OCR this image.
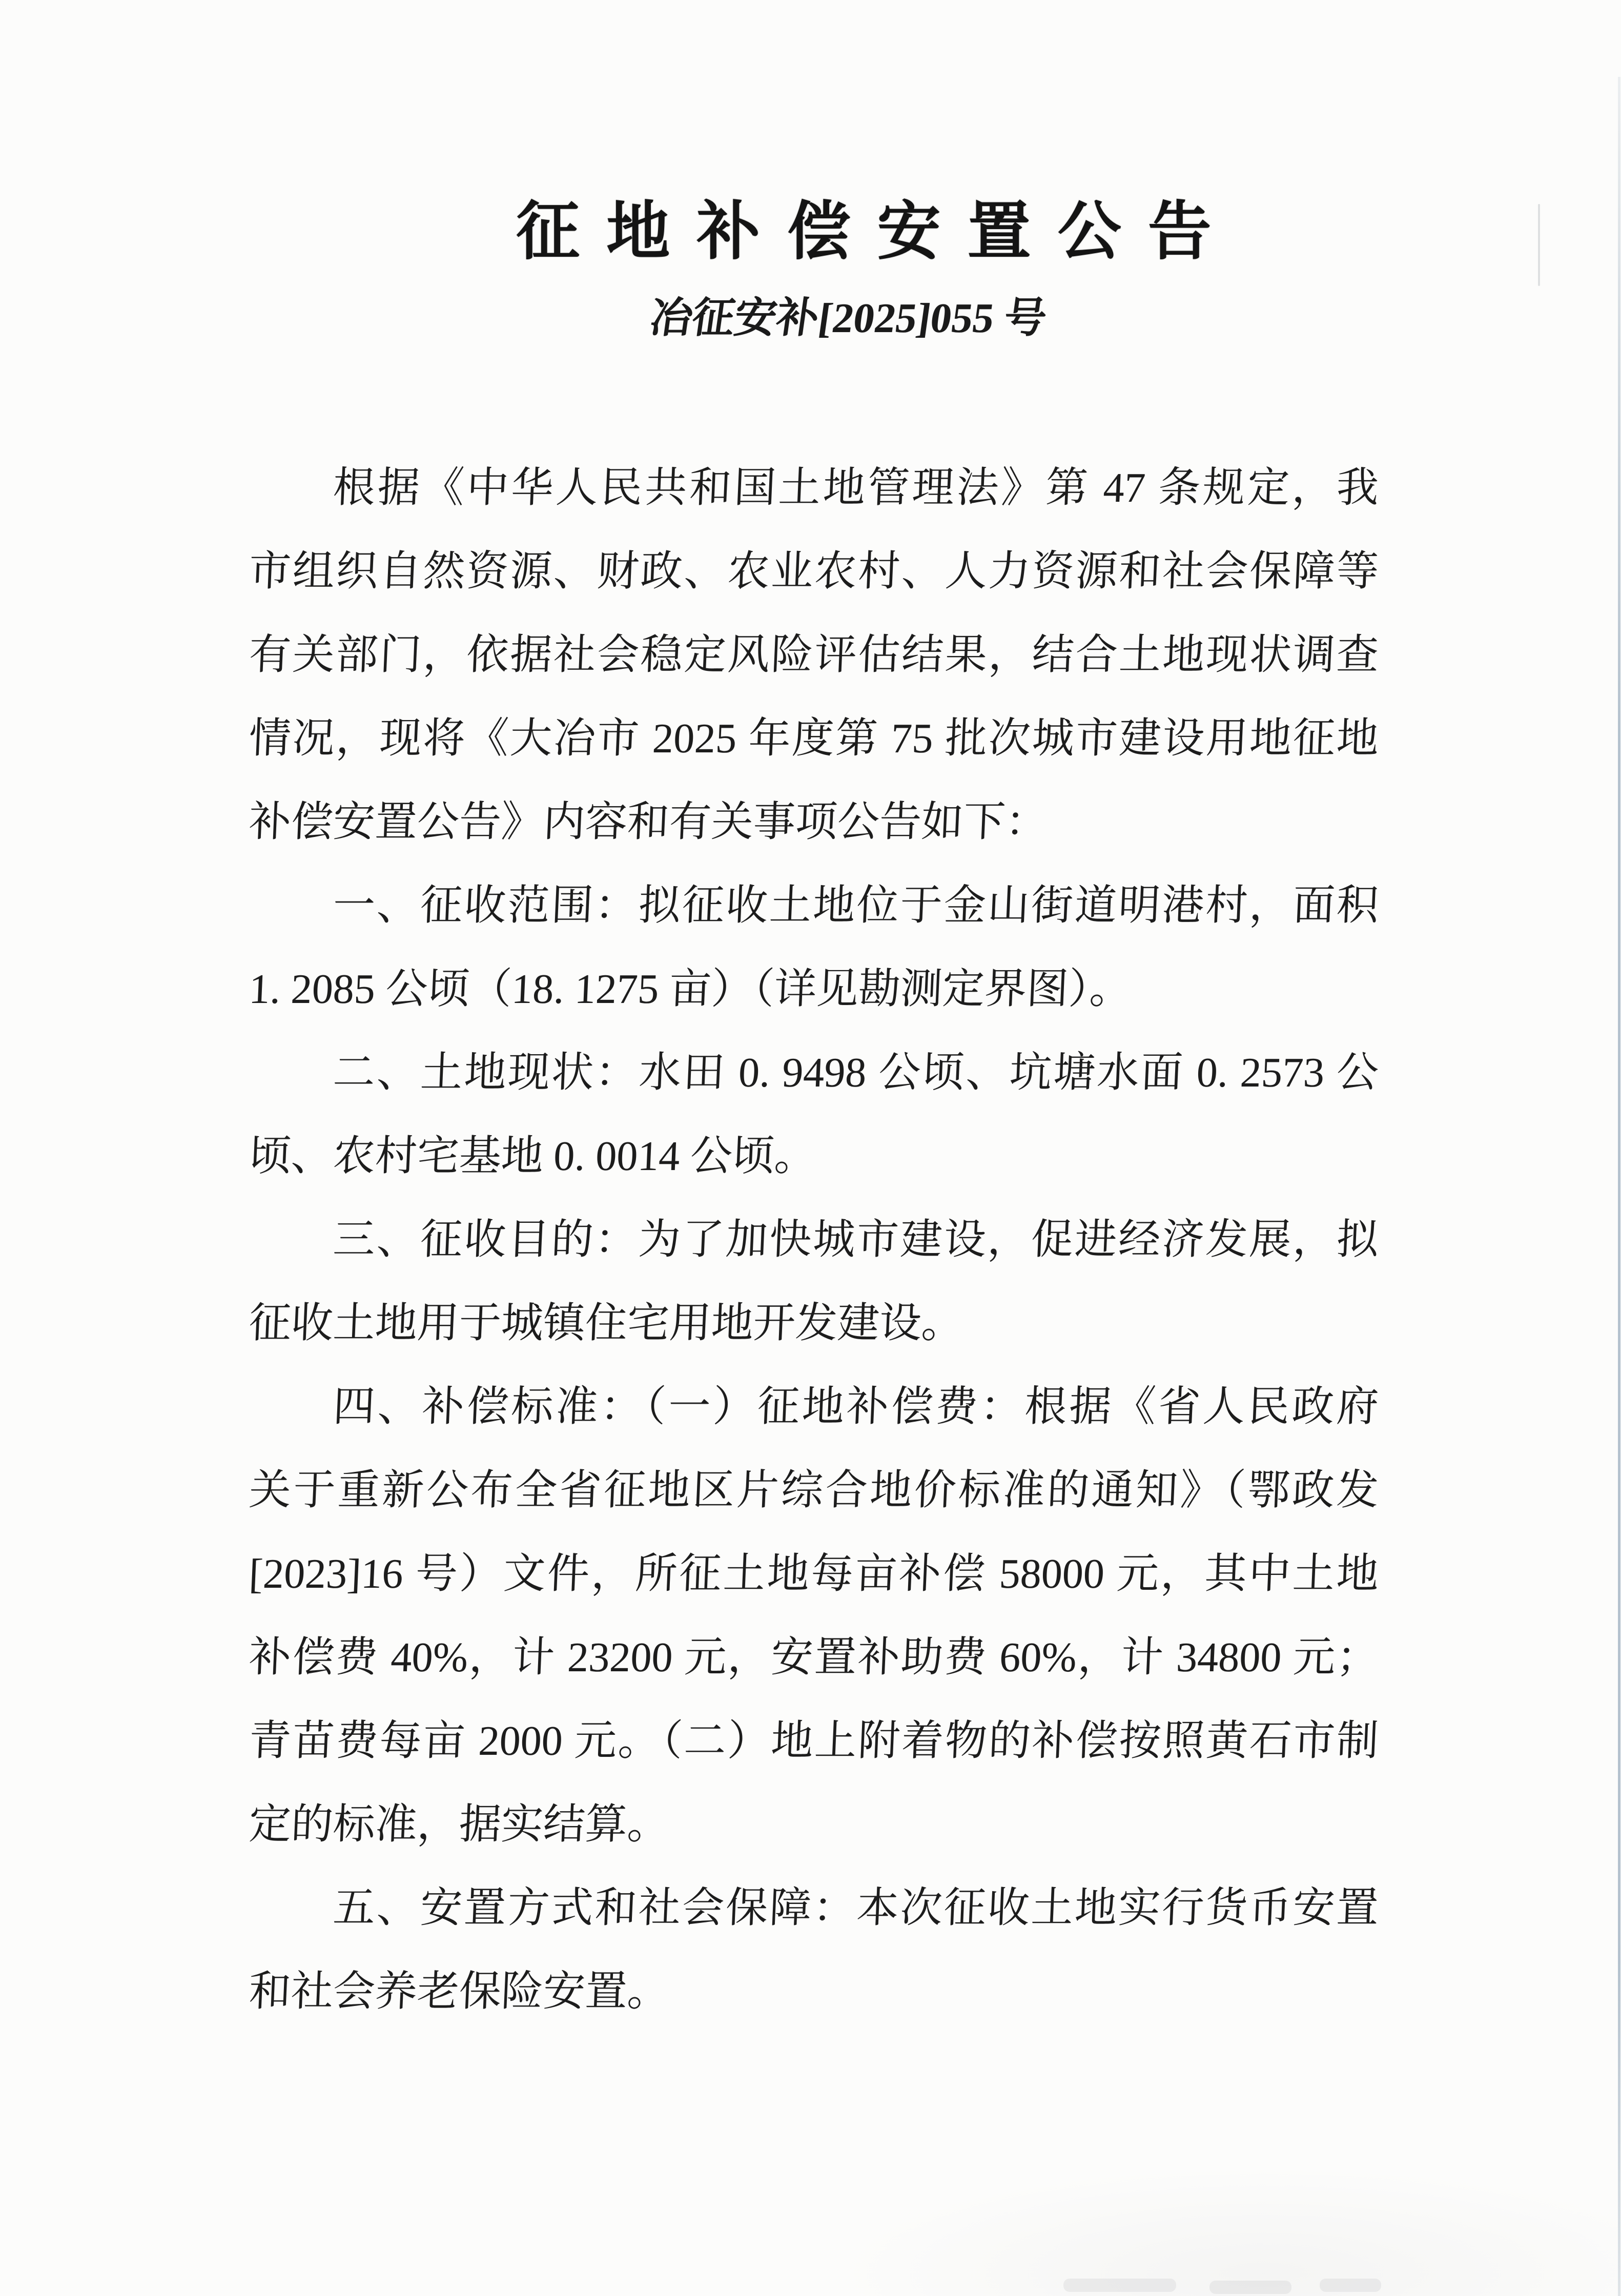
征地补偿安置公告
冶征安补[2025]055 号
根据《中华人民共和国土地管理法》第 47 条规定，我
市组织自然资源、财政、农业农村、人力资源和社会保障等
有关部门，依据社会稳定风险评估结果，结合土地现状调查
情况，现将《大冶市 2025 年度第 75 批次城市建设用地征地
补偿安置公告》内容和有关事项公告如下：
一、征收范围：拟征收土地位于金山街道明港村，面积
1. 2085 公顷（18. 1275 亩）（详见勘测定界图）。
二、土地现状：水田 0. 9498 公顷、坑塘水面 0. 2573 公
顷、农村宅基地 0. 0014 公顷。
三、征收目的：为了加快城市建设，促进经济发展，拟
征收土地用于城镇住宅用地开发建设。
四、补偿标准：（一）征地补偿费：根据《省人民政府
关于重新公布全省征地区片综合地价标准的通知》（鄂政发
[2023]16 号）文件，所征土地每亩补偿 58000 元，其中土地
补偿费 40%，计 23200 元，安置补助费 60%，计 34800 元；
青苗费每亩 2000 元。（二）地上附着物的补偿按照黄石市制
定的标准，据实结算。
五、安置方式和社会保障：本次征收土地实行货币安置
和社会养老保险安置。
